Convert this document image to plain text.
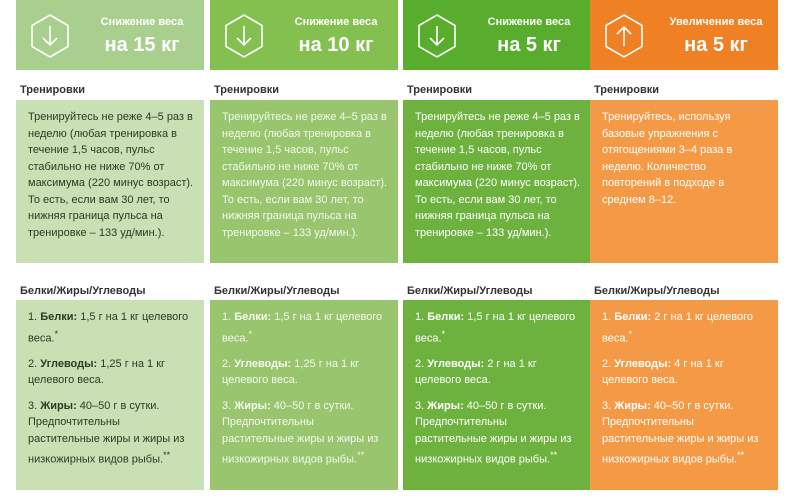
Снижение веса
на 15 кг
Тренировки

Тренируйтесь не реже 4–5 раз в неделю (любая тренировка в течение 1,5 часов, пульс стабильно не ниже 70% от максимума (220 минус возраст). То есть, если вам 30 лет, то нижняя граница пульса на тренировке – 133 уд/мин.).

Белки/Жиры/Углеводы

1. Белки: 1,5 г на 1 кг целевого веса.*

2. Углеводы: 1,25 г на 1 кг целевого веса.

3. Жиры: 40–50 г в сутки. Предпочтительны растительные жиры и жиры из низкожирных видов рыбы.**

Снижение веса
на 10 кг
Тренировки

Тренируйтесь не реже 4–5 раз в неделю (любая тренировка в течение 1,5 часов, пульс стабильно не ниже 70% от максимума (220 минус возраст). То есть, если вам 30 лет, то нижняя граница пульса на тренировке – 133 уд/мин.).

Белки/Жиры/Углеводы

1. Белки: 1,5 г на 1 кг целевого веса.*

2. Углеводы: 1,25 г на 1 кг целевого веса.

3. Жиры: 40–50 г в сутки. Предпочтительны растительные жиры и жиры из низкожирных видов рыбы.**

Снижение веса
на 5 кг
Тренировки

Тренируйтесь не реже 4–5 раз в неделю (любая тренировка в течение 1,5 часов, пульс стабильно не ниже 70% от максимума (220 минус возраст). То есть, если вам 30 лет, то нижняя граница пульса на тренировке – 133 уд/мин.).

Белки/Жиры/Углеводы

1. Белки: 1,5 г на 1 кг целевого веса.*

2. Углеводы: 2 г на 1 кг целевого веса.

3. Жиры: 40–50 г в сутки. Предпочтительны растительные жиры и жиры из низкожирных видов рыбы.**

Увеличение веса
на 5 кг
Тренировки

Тренируйтесь, используя базовые упражнения с отягощениями 3–4 раза в неделю. Количество повторений в подходе в среднем 8–12.

Белки/Жиры/Углеводы

1. Белки: 2 г на 1 кг целевого веса.*

2. Углеводы: 4 г на 1 кг целевого веса.

3. Жиры: 40–50 г в сутки. Предпочтительны растительные жиры и жиры из низкожирных видов рыбы.**
